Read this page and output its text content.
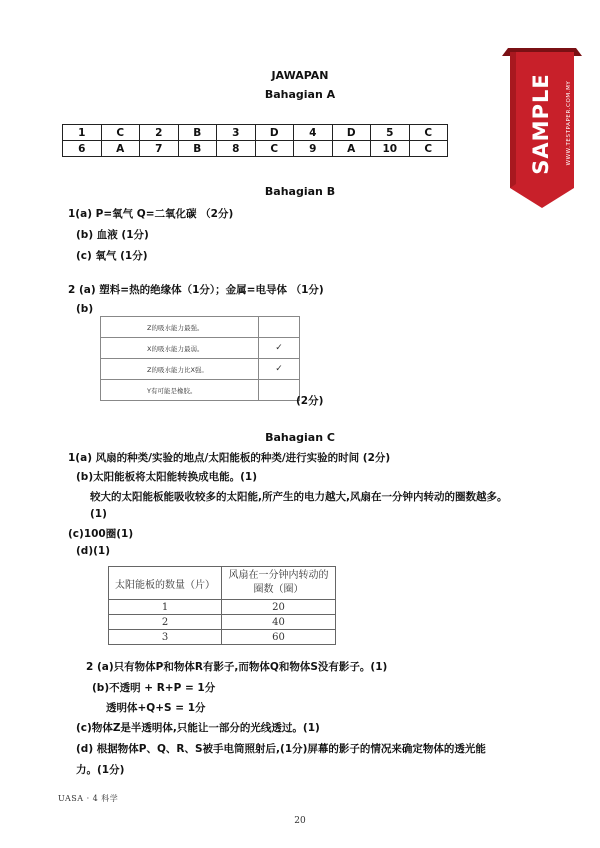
JAWAPAN
Bahagian A
1	C	2	B	3	D	4	D	5	C
6	A	7	B	8	C	9	A	10	C
Bahagian B
1(a) P=氧气 Q=二氧化碳 （2分)
(b) 血液 (1分)
(c) 氧气 (1分)
2 (a) 塑料=热的绝缘体（1分）；金属=电导体 （1分)
(b)
Z的吸水能力最强。	
X的吸水能力最弱。	✓
Z的吸水能力比X强。	✓
Y有可能是橡胶。	
(2分)
Bahagian C
1(a) 风扇的种类/实验的地点/太阳能板的种类/进行实验的时间 (2分)
(b)太阳能板将太阳能转换成电能。(1)
较大的太阳能板能吸收较多的太阳能,所产生的电力越大,风扇在一分钟内转动的圈数越多。
(1)
(c)100圈(1)
(d)(1)
太阳能板的数量（片）	风扇在一分钟内转动的
圈数（圈）
1	20
2	40
3	60
2 (a)只有物体P和物体R有影子,而物体Q和物体S没有影子。(1)
(b)不透明 + R+P = 1分
透明体+Q+S = 1分
(c)物体Z是半透明体,只能让一部分的光线透过。(1)
(d) 根据物体P、Q、R、S被手电筒照射后,(1分)屏幕的影子的情况来确定物体的透光能
力。(1分)
SAMPLE WWW.TESTPAPER.COM.MY
UASA · 4 科学
20
